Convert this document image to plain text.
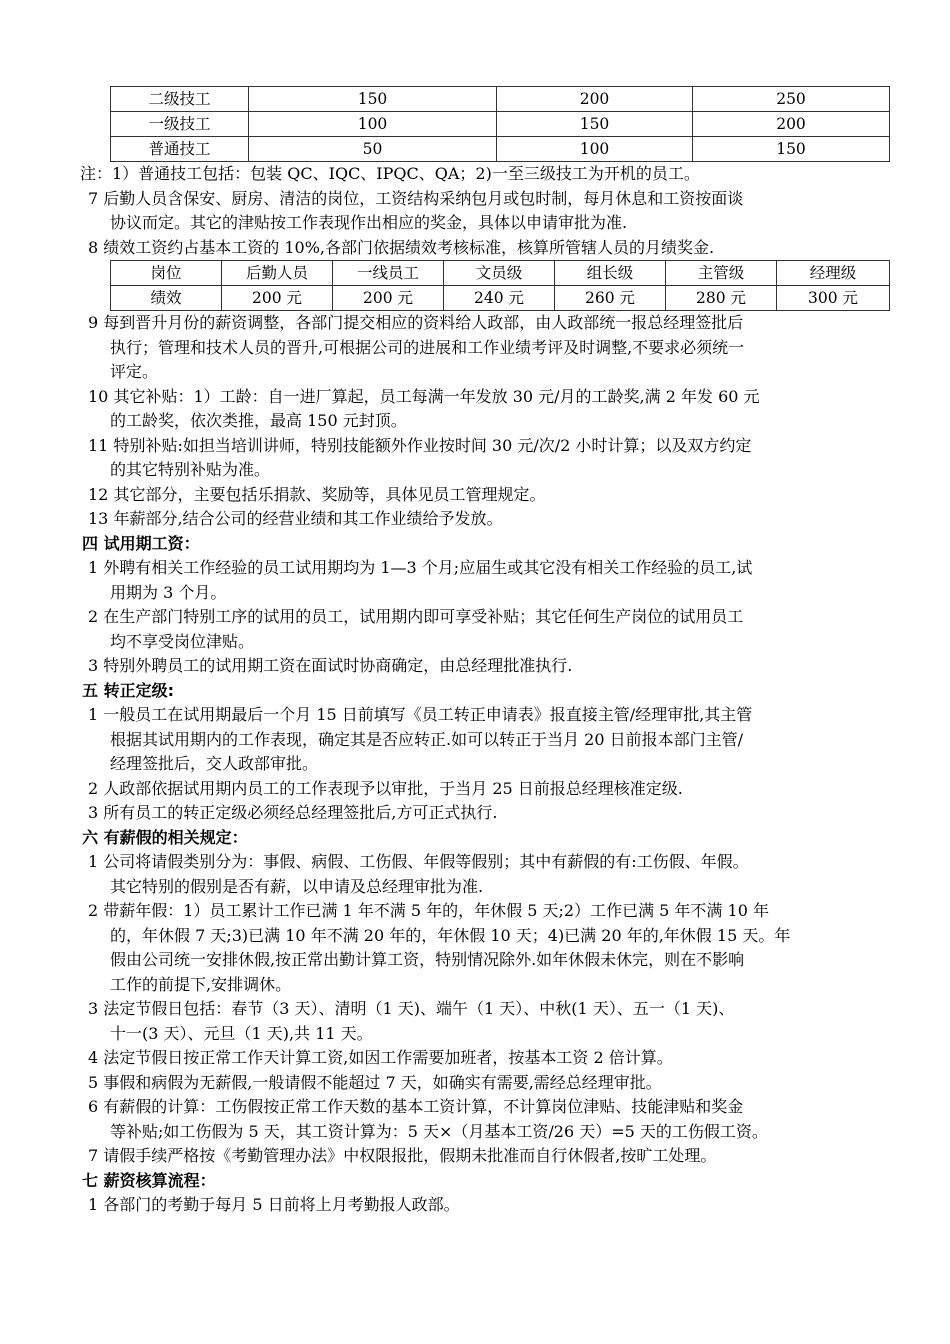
二级技工	150	200	250
一级技工	100	150	200
普通技工	50	100	150

注：1）普通技工包括：包装 QC、IQC、IPQC、QA；2)一至三级技工为开机的员工。

7 后勤人员含保安、厨房、清洁的岗位，工资结构采纳包月或包时制，每月休息和工资按面谈
协议而定。其它的津贴按工作表现作出相应的奖金，具体以申请审批为准.

8 绩效工资约占基本工资的 10%,各部门依据绩效考核标准，核算所管辖人员的月绩奖金.

岗位	后勤人员	一线员工	文员级	组长级	主管级	经理级
绩效	200 元	200 元	240 元	260 元	280 元	300 元

9 每到晋升月份的薪资调整，各部门提交相应的资料给人政部，由人政部统一报总经理签批后
执行；管理和技术人员的晋升,可根据公司的进展和工作业绩考评及时调整,不要求必须统一
评定。

10 其它补贴：1）工龄：自一进厂算起，员工每满一年发放 30 元/月的工龄奖,满 2 年发 60 元
的工龄奖，依次类推，最高 150 元封顶。

11 特别补贴:如担当培训讲师，特别技能额外作业按时间 30 元/次/2 小时计算；以及双方约定
的其它特别补贴为准。

12 其它部分，主要包括乐捐款、奖励等，具体见员工管理规定。

13 年薪部分,结合公司的经营业绩和其工作业绩给予发放。

四 试用期工资：

1 外聘有相关工作经验的员工试用期均为 1—3 个月;应届生或其它没有相关工作经验的员工,试
用期为 3 个月。

2 在生产部门特别工序的试用的员工，试用期内即可享受补贴；其它任何生产岗位的试用员工
均不享受岗位津贴。

3 特别外聘员工的试用期工资在面试时协商确定，由总经理批准执行.

五 转正定级:

1 一般员工在试用期最后一个月 15 日前填写《员工转正申请表》报直接主管/经理审批,其主管
根据其试用期内的工作表现，确定其是否应转正.如可以转正于当月 20 日前报本部门主管/
经理签批后，交人政部审批。

2 人政部依据试用期内员工的工作表现予以审批，于当月 25 日前报总经理核准定级.

3 所有员工的转正定级必须经总经理签批后,方可正式执行.

六 有薪假的相关规定：

1 公司将请假类别分为：事假、病假、工伤假、年假等假别；其中有薪假的有:工伤假、年假。
其它特别的假别是否有薪，以申请及总经理审批为准.

2 带薪年假：1）员工累计工作已满 1 年不满 5 年的，年休假 5 天;2）工作已满 5 年不满 10 年
的，年休假 7 天;3)已满 10 年不满 20 年的，年休假 10 天；4)已满 20 年的,年休假 15 天。年
假由公司统一安排休假,按正常出勤计算工资，特别情况除外.如年休假未休完，则在不影响
工作的前提下,安排调休。

3 法定节假日包括：春节（3 天）、清明（1 天)、端午（1 天）、中秋(1 天）、五一（1 天)、
十一(3 天）、元旦（1 天),共 11 天。

4 法定节假日按正常工作天计算工资,如因工作需要加班者，按基本工资 2 倍计算。

5 事假和病假为无薪假,一般请假不能超过 7 天，如确实有需要,需经总经理审批。

6 有薪假的计算：工伤假按正常工作天数的基本工资计算，不计算岗位津贴、技能津贴和奖金
等补贴;如工伤假为 5 天，其工资计算为：5 天×（月基本工资/26 天）=5 天的工伤假工资。

7 请假手续严格按《考勤管理办法》中权限报批，假期未批准而自行休假者,按旷工处理。

七 薪资核算流程：

1 各部门的考勤于每月 5 日前将上月考勤报人政部。
